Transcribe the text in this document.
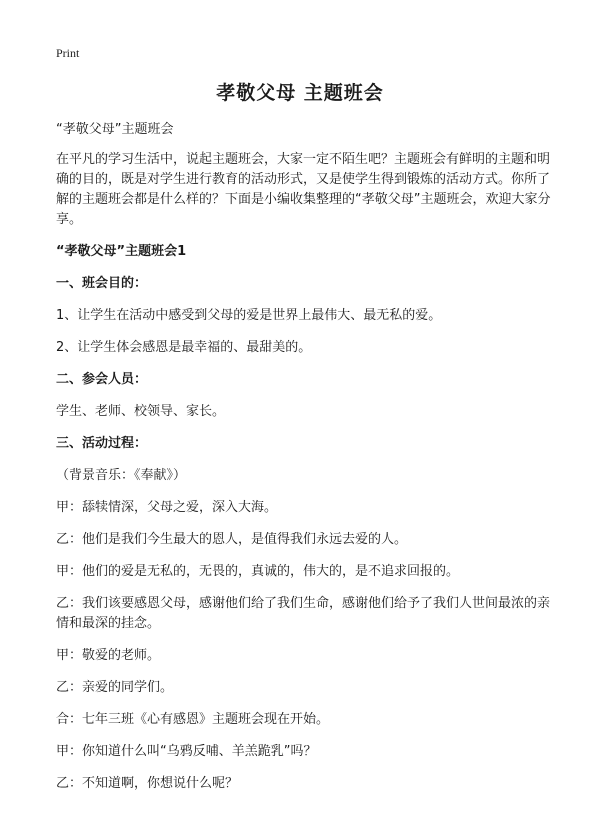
Print
孝敬父母 主题班会

“孝敬父母”主题班会

在平凡的学习生活中，说起主题班会，大家一定不陌生吧？主题班会有鲜明的主题和明确的目的，既是对学生进行教育的活动形式，又是使学生得到锻炼的活动方式。你所了解的主题班会都是什么样的？下面是小编收集整理的“孝敬父母”主题班会，欢迎大家分享。

“孝敬父母”主题班会1

一、班会目的：

1、让学生在活动中感受到父母的爱是世界上最伟大、最无私的爱。

2、让学生体会感恩是最幸福的、最甜美的。

二、参会人员：

学生、老师、校领导、家长。

三、活动过程：

（背景音乐：《奉献》）

甲：舔犊情深，父母之爱，深入大海。

乙：他们是我们今生最大的恩人，是值得我们永远去爱的人。

甲：他们的爱是无私的，无畏的，真诚的，伟大的，是不追求回报的。

乙：我们该要感恩父母，感谢他们给了我们生命，感谢他们给予了我们人世间最浓的亲情和最深的挂念。

甲：敬爱的老师。

乙：亲爱的同学们。

合：七年三班《心有感恩》主题班会现在开始。

甲：你知道什么叫“乌鸦反哺、羊羔跪乳”吗？

乙：不知道啊，你想说什么呢？
